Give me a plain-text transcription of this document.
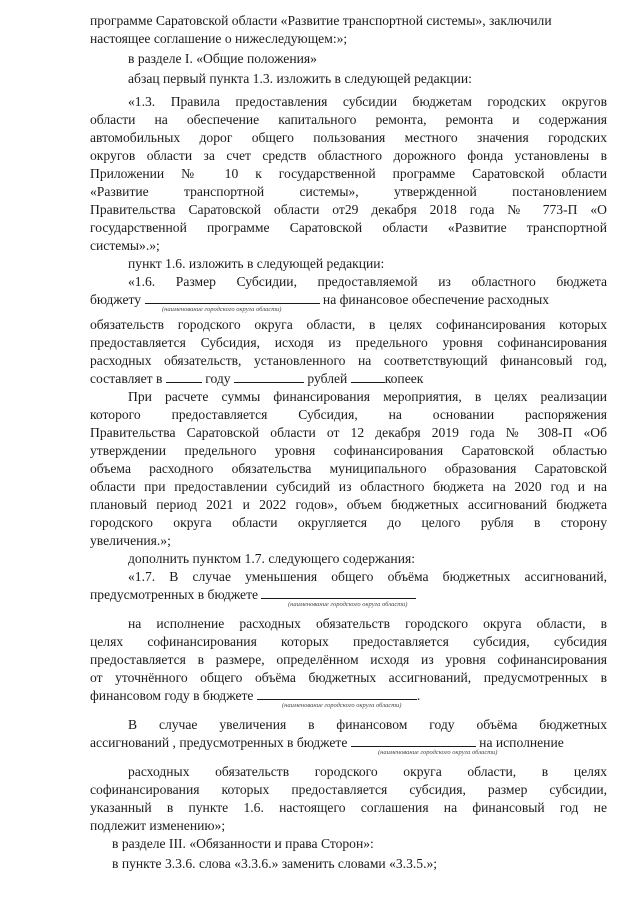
программе Саратовской области «Развитие транспортной системы», заключили
настоящее соглашение о нижеследующем:»;
в разделе I. «Общие положения»
абзац первый пункта 1.3. изложить в следующей редакции:
«1.3. Правила предоставления субсидии бюджетам городских округов
области на обеспечение капитального ремонта, ремонта и содержания
автомобильных дорог общего пользования местного значения городских
округов области за счет средств областного дорожного фонда установлены в
Приложении № 10 к государственной программе Саратовской области
«Развитие транспортной системы», утвержденной постановлением
Правительства Саратовской области от29 декабря 2018 года № 773-П «О
государственной программе Саратовской области «Развитие транспортной
системы».»;
пункт 1.6. изложить в следующей редакции:
«1.6. Размер Субсидии, предоставляемой из областного бюджета
бюджету	на финансовое обеспечение расходных
(наименование городского округа области)
обязательств городского округа области, в целях софинансирования которых
предоставляется Субсидия, исходя из предельного уровня софинансирования
расходных обязательств, установленного на соответствующий финансовый год,
составляет в	году	рублей	копеек
При расчете суммы финансирования мероприятия, в целях реализации
которого предоставляется Субсидия, на основании распоряжения
Правительства Саратовской области от 12 декабря 2019 года № 308-П «Об
утверждении предельного уровня софинансирования Саратовской областью
объема расходного обязательства муниципального образования Саратовской
области при предоставлении субсидий из областного бюджета на 2020 год и на
плановый период 2021 и 2022 годов», объем бюджетных ассигнований бюджета
городского округа области округляется до целого рубля в сторону
увеличения.»;
дополнить пунктом 1.7. следующего содержания:
«1.7. В случае уменьшения общего объёма бюджетных ассигнований,
предусмотренных в бюджете
(наименование городского округа области)
на исполнение расходных обязательств городского округа области, в
целях софинансирования которых предоставляется субсидия, субсидия
предоставляется в размере, определённом исходя из уровня софинансирования
от уточнённого общего объёма бюджетных ассигнований, предусмотренных в
финансовом году в бюджете	.
(наименование городского округа области)
В случае увеличения в финансовом году объёма бюджетных
ассигнований , предусмотренных в бюджете	на исполнение
(наименование городского округа области)
расходных обязательств городского округа области, в целях
софинансирования которых предоставляется субсидия, размер субсидии,
указанный в пункте 1.6. настоящего соглашения на финансовый год не
подлежит изменению»;
в разделе III. «Обязанности и права Сторон»:
в пункте 3.3.6. слова «3.3.6.» заменить словами «3.3.5.»;
